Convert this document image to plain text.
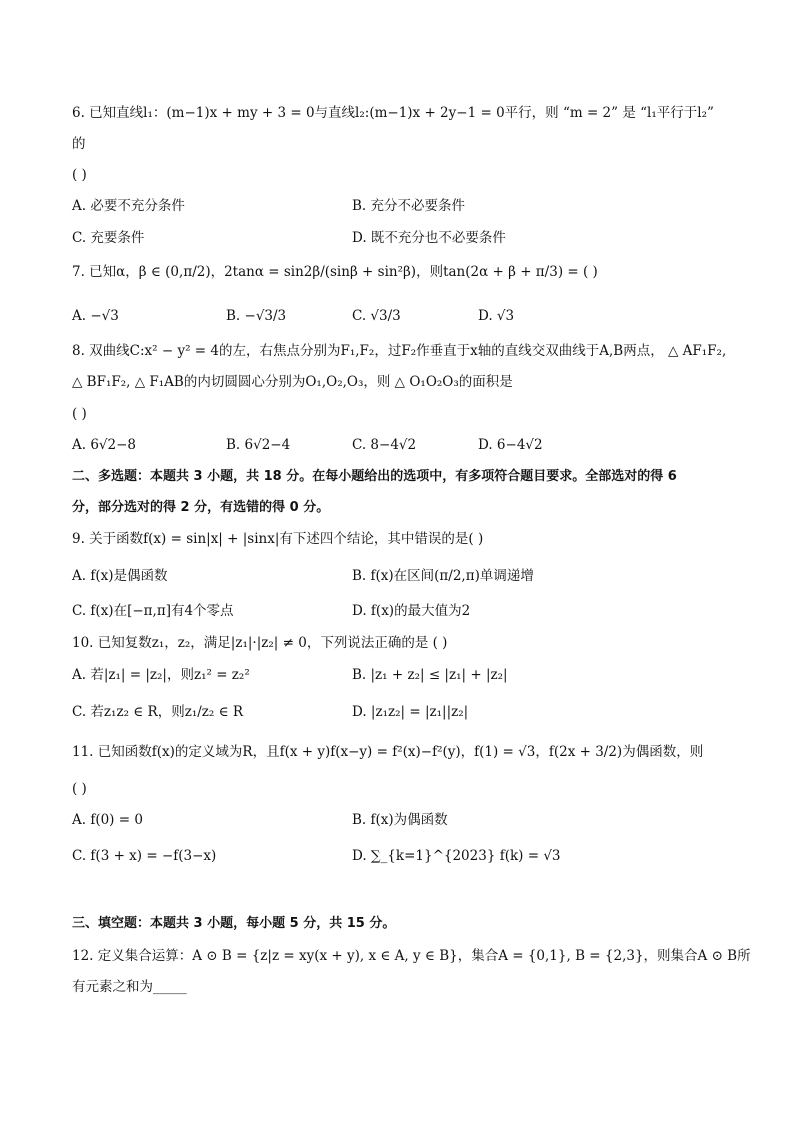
6. 已知直线l₁：(m−1)x + my + 3 = 0与直线l₂:(m−1)x + 2y−1 = 0平行，则 “m = 2” 是 “l₁平行于l₂”
的
( )
A. 必要不充分条件	B. 充分不必要条件
C. 充要条件	D. 既不充分也不必要条件
7. 已知α，β ∈ (0,π/2)，2tanα = sin2β/(sinβ + sin²β)，则tan(2α + β + π/3) = ( )
A. −√3	B. −√3/3	C. √3/3	D. √3
8. 双曲线C:x² − y² = 4的左，右焦点分别为F₁,F₂，过F₂作垂直于x轴的直线交双曲线于A,B两点， △ AF₁F₂,
△ BF₁F₂, △ F₁AB的内切圆圆心分别为O₁,O₂,O₃，则 △ O₁O₂O₃的面积是
( )
A. 6√2−8	B. 6√2−4	C. 8−4√2	D. 6−4√2
二、多选题：本题共 3 小题，共 18 分。在每小题给出的选项中，有多项符合题目要求。全部选对的得 6
分，部分选对的得 2 分，有选错的得 0 分。
9. 关于函数f(x) = sin|x| + |sinx|有下述四个结论，其中错误的是( )
A. f(x)是偶函数	B. f(x)在区间(π/2,π)单调递增
C. f(x)在[−π,π]有4个零点	D. f(x)的最大值为2
10. 已知复数z₁，z₂，满足|z₁|·|z₂| ≠ 0，下列说法正确的是 ( )
A. 若|z₁| = |z₂|，则z₁² = z₂²	B. |z₁ + z₂| ≤ |z₁| + |z₂|
C. 若z₁z₂ ∈ R，则z₁/z₂ ∈ R	D. |z₁z₂| = |z₁||z₂|
11. 已知函数f(x)的定义域为R，且f(x + y)f(x−y) = f²(x)−f²(y)，f(1) = √3，f(2x + 3/2)为偶函数，则
( )
A. f(0) = 0	B. f(x)为偶函数
C. f(3 + x) = −f(3−x)	D. ∑_{k=1}^{2023} f(k) = √3
三、填空题：本题共 3 小题，每小题 5 分，共 15 分。
12. 定义集合运算：A ⊙ B = {z|z = xy(x + y), x ∈ A, y ∈ B}，集合A = {0,1}, B = {2,3}，则集合A ⊙ B所
有元素之和为_____
